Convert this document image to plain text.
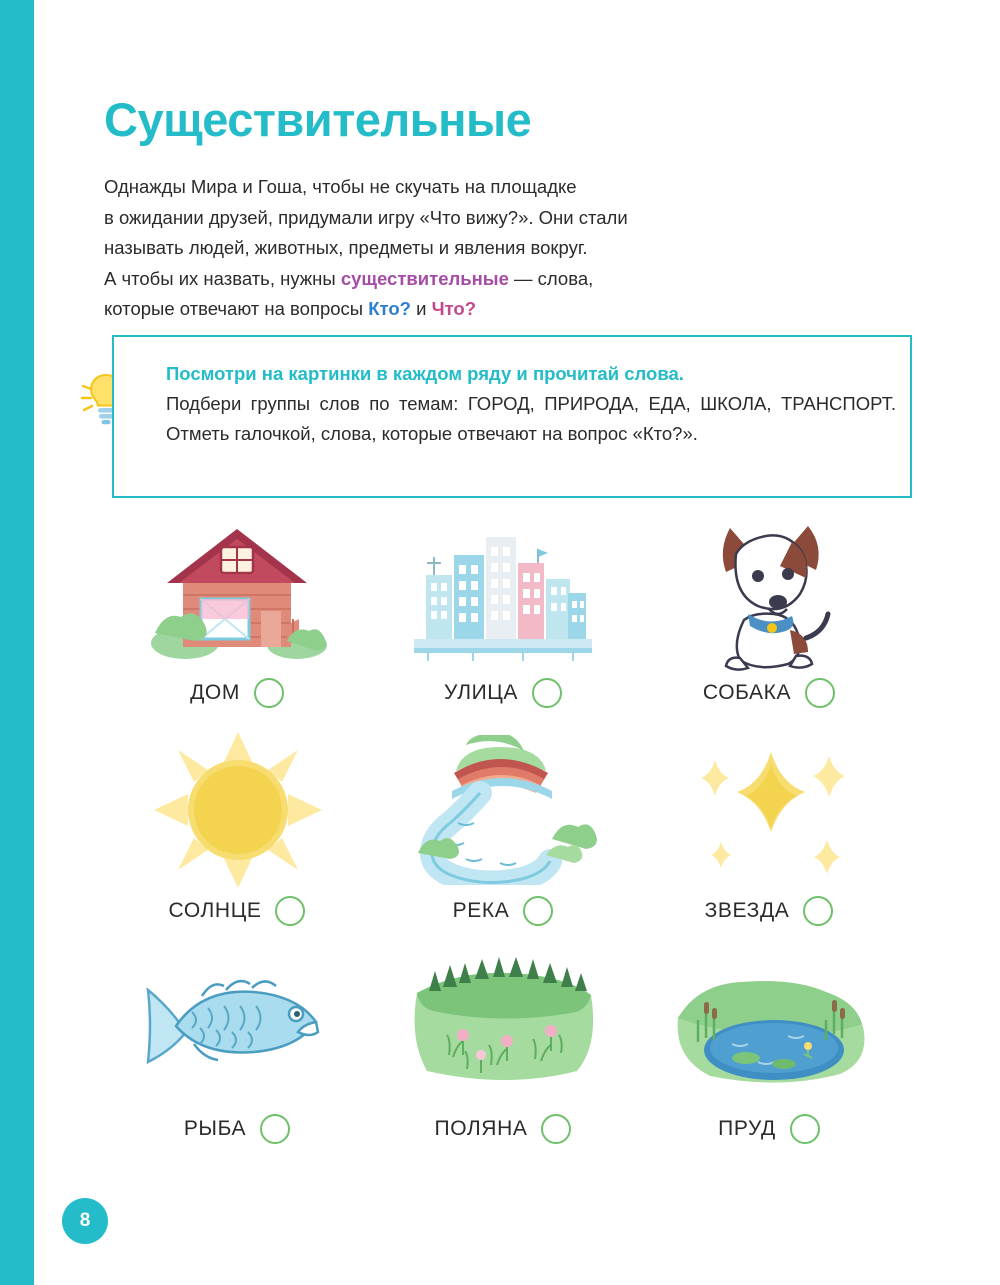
Существительные

Однажды Мира и Гоша, чтобы не скучать на площадке

в ожидании друзей, придумали игру «Что вижу?». Они стали

называть людей, животных, предметы и явления вокруг.

А чтобы их назвать, нужны существительные — слова,

которые отвечают на вопросы Кто? и Что?

Посмотри на картинки в каждом ряду и прочитай слова.
Подбери группы слов по темам: ГОРОД, ПРИРОДА, ЕДА, ШКОЛА, ТРАНСПОРТ. Отметь галочкой, слова, которые отвечают на вопрос «Кто?».
ДОМ	УЛИЦА	СОБАКА
СОЛНЦЕ	РЕКА	ЗВЕЗДА
РЫБА	ПОЛЯНА	ПРУД
8
